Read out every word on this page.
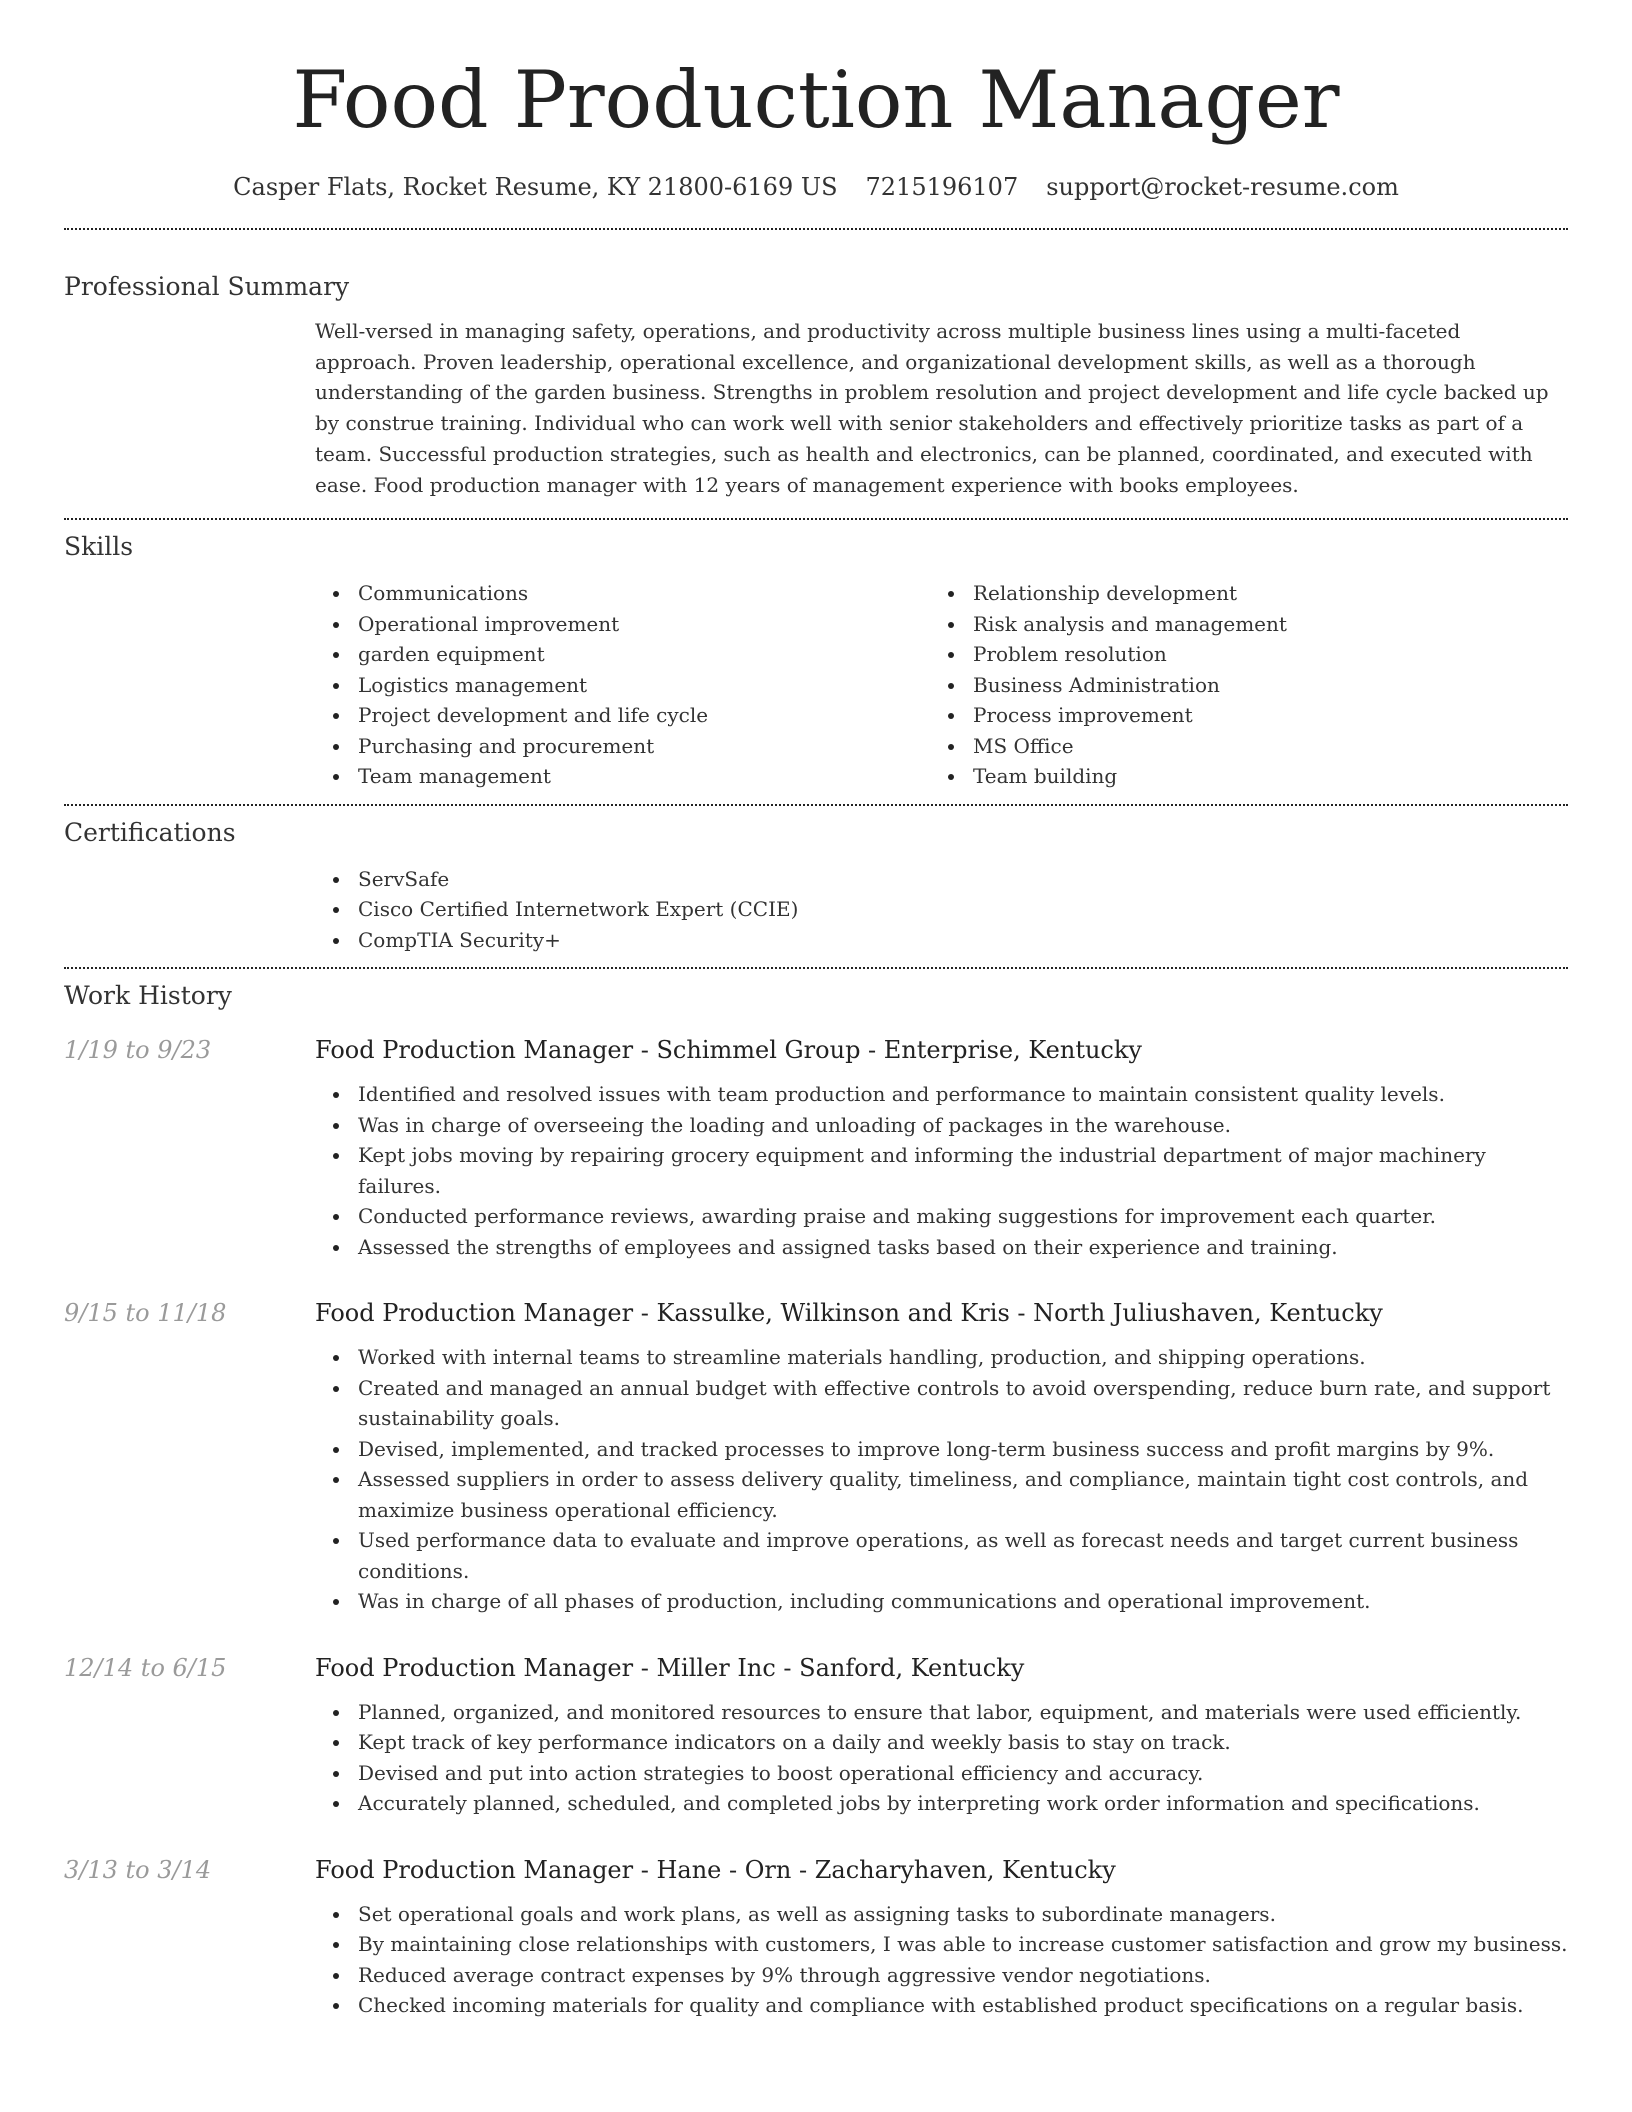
Food Production Manager
Casper Flats, Rocket Resume, KY 21800-6169 US 7215196107 support@rocket-resume.com
Professional Summary

Well-versed in managing safety, operations, and productivity across multiple business lines using a multi-faceted approach. Proven leadership, operational excellence, and organizational development skills, as well as a thorough understanding of the garden business. Strengths in problem resolution and project development and life cycle backed up by construe training. Individual who can work well with senior stakeholders and effectively prioritize tasks as part of a team. Successful production strategies, such as health and electronics, can be planned, coordinated, and executed with ease. Food production manager with 12 years of management experience with books employees.

Skills
Communications
Operational improvement
garden equipment
Logistics management
Project development and life cycle
Purchasing and procurement
Team management
Relationship development
Risk analysis and management
Problem resolution
Business Administration
Process improvement
MS Office
Team building
Certifications
ServSafe
Cisco Certified Internetwork Expert (CCIE)
CompTIA Security+
Work History
1/19 to 9/23	Food Production Manager - Schimmel Group - Enterprise, Kentucky
Identified and resolved issues with team production and performance to maintain consistent quality levels.
Was in charge of overseeing the loading and unloading of packages in the warehouse.
Kept jobs moving by repairing grocery equipment and informing the industrial department of major machinery failures.
Conducted performance reviews, awarding praise and making suggestions for improvement each quarter.
Assessed the strengths of employees and assigned tasks based on their experience and training.
9/15 to 11/18	Food Production Manager - Kassulke, Wilkinson and Kris - North Juliushaven, Kentucky
Worked with internal teams to streamline materials handling, production, and shipping operations.
Created and managed an annual budget with effective controls to avoid overspending, reduce burn rate, and support sustainability goals.
Devised, implemented, and tracked processes to improve long-term business success and profit margins by 9%.
Assessed suppliers in order to assess delivery quality, timeliness, and compliance, maintain tight cost controls, and maximize business operational efficiency.
Used performance data to evaluate and improve operations, as well as forecast needs and target current business conditions.
Was in charge of all phases of production, including communications and operational improvement.
12/14 to 6/15	Food Production Manager - Miller Inc - Sanford, Kentucky
Planned, organized, and monitored resources to ensure that labor, equipment, and materials were used efficiently.
Kept track of key performance indicators on a daily and weekly basis to stay on track.
Devised and put into action strategies to boost operational efficiency and accuracy.
Accurately planned, scheduled, and completed jobs by interpreting work order information and specifications.
3/13 to 3/14	Food Production Manager - Hane - Orn - Zacharyhaven, Kentucky
Set operational goals and work plans, as well as assigning tasks to subordinate managers.
By maintaining close relationships with customers, I was able to increase customer satisfaction and grow my business.
Reduced average contract expenses by 9% through aggressive vendor negotiations.
Checked incoming materials for quality and compliance with established product specifications on a regular basis.
